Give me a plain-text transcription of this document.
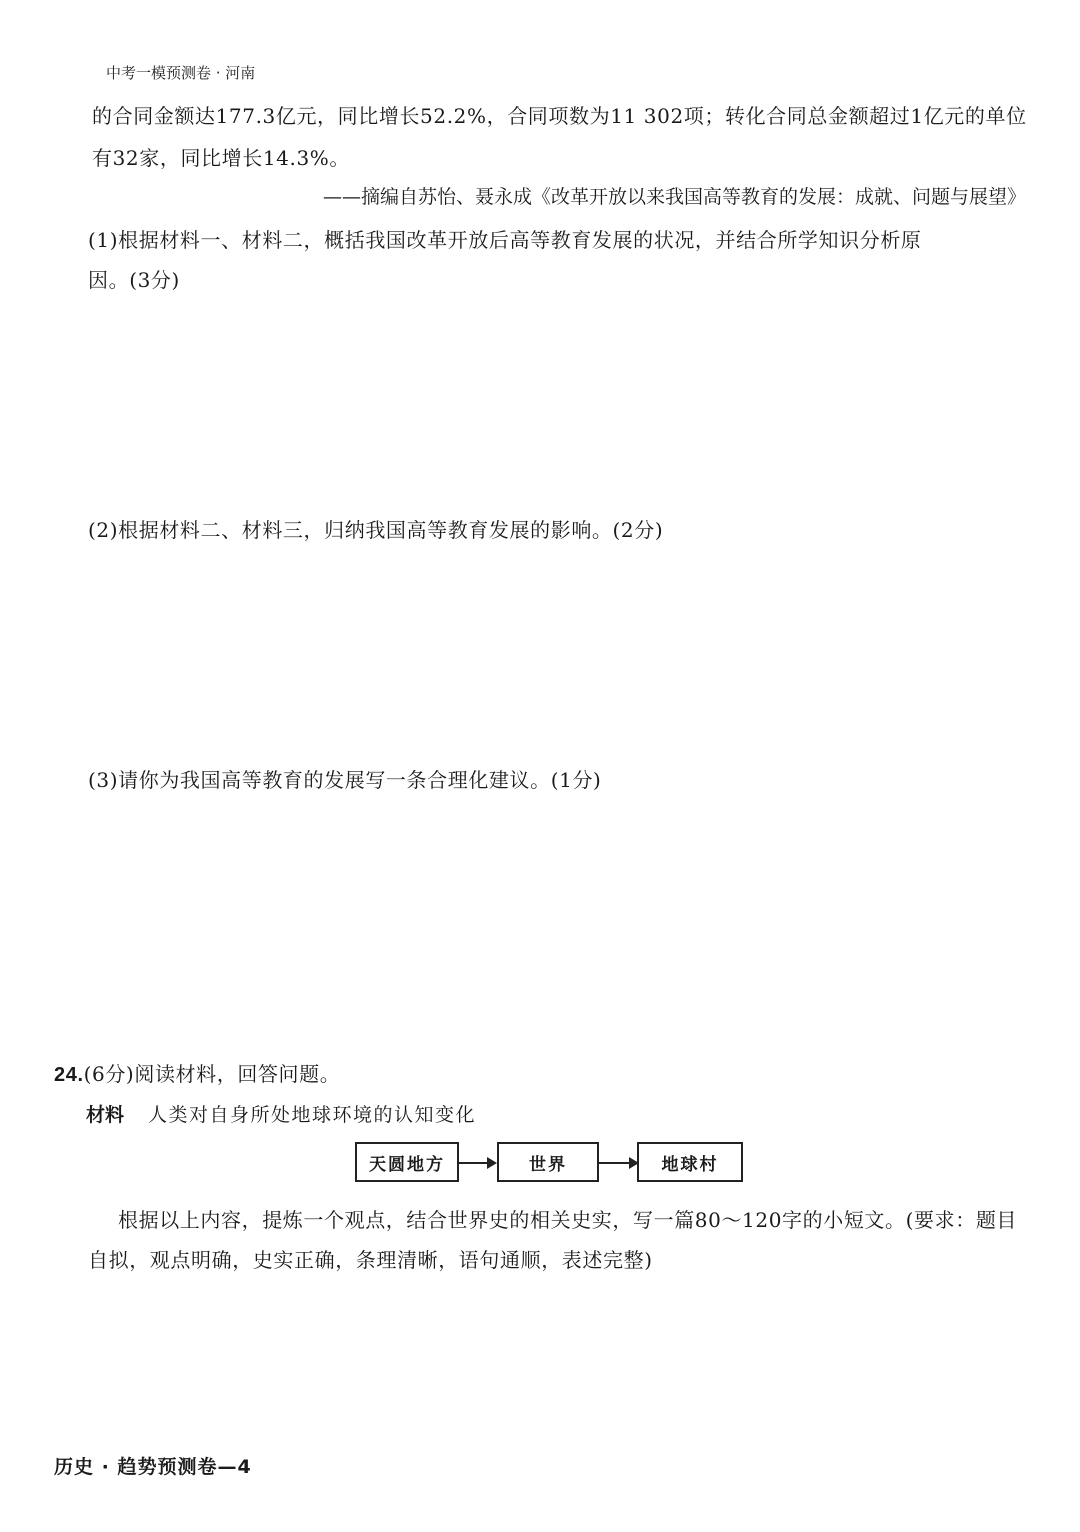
中考一模预测卷 · 河南
的合同金额达177.3亿元，同比增长52.2%，合同项数为11 302项；转化合同总金额超过1亿元的单位
有32家，同比增长14.3%。
——摘编自苏怡、聂永成《改革开放以来我国高等教育的发展：成就、问题与展望》
(1)根据材料一、材料二，概括我国改革开放后高等教育发展的状况，并结合所学知识分析原
因。(3分)
(2)根据材料二、材料三，归纳我国高等教育发展的影响。(2分)
(3)请你为我国高等教育的发展写一条合理化建议。(1分)
24.(6分)阅读材料，回答问题。
材料 人类对自身所处地球环境的认知变化
天圆地方	世界	地球村
根据以上内容，提炼一个观点，结合世界史的相关史实，写一篇80～120字的小短文。(要求：题目
自拟，观点明确，史实正确，条理清晰，语句通顺，表述完整)
历史 · 趋势预测卷—4
